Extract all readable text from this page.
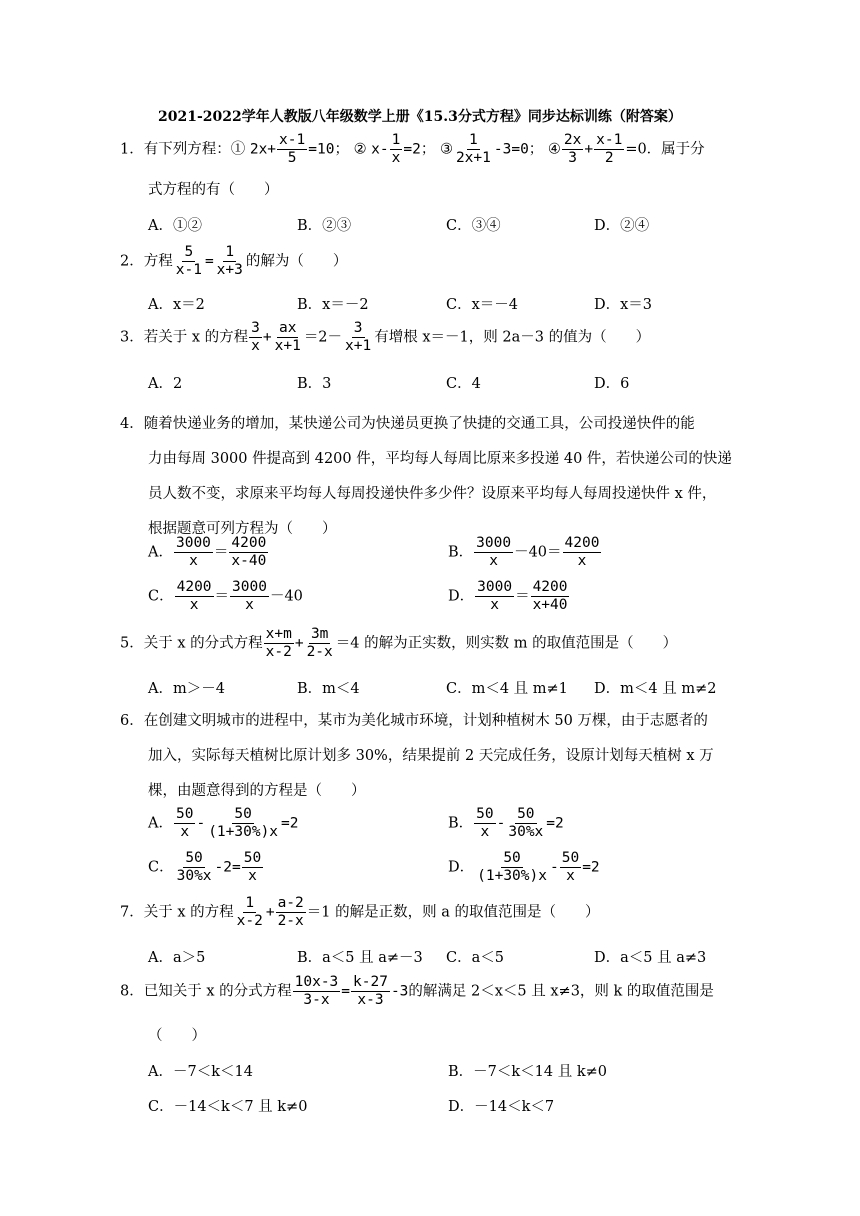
2021-2022学年人教版八年级数学上册《15.3分式方程》同步达标训练（附答案）
1．有下列方程：① $2x+ \frac{x-1}{5} =10$； ② $x- \frac{1}{x} =2$； ③ $\frac{1}{2x+1} -3=0$； ④ $\frac{2x}{3} + \frac{x-1}{2} =0$．属于分
式方程的有（　　）
A．①②	B．②③	C．③④	D．②④
2．方程 $\frac{5}{x-1} = \frac{1}{x+3}$ 的解为（　　）
A．x＝2	B．x＝－2	C．x＝－4	D．x＝3
3．若关于 x 的方程 $\frac{3}{x} + \frac{ax}{x+1} =2- \frac{3}{x+1}$ 有增根 x＝－1，则 2a－3 的值为（　　）
A．2	B．3	C．4	D．6
4．随着快递业务的增加，某快递公司为快递员更换了快捷的交通工具，公司投递快件的能
力由每周 3000 件提高到 4200 件，平均每人每周比原来多投递 40 件，若快递公司的快递
员人数不变，求原来平均每人每周投递快件多少件？设原来平均每人每周投递快件 x 件，
根据题意可列方程为（　　）
A． $\frac{3000}{x} = \frac{4200}{x-40}$	B． $\frac{3000}{x} -40= \frac{4200}{x}$
C． $\frac{4200}{x} = \frac{3000}{x} -40$	D． $\frac{3000}{x} = \frac{4200}{x+40}$
5．关于 x 的分式方程 $\frac{x+m}{x-2} + \frac{3m}{2-x} =4$ 的解为正实数，则实数 m 的取值范围是（　　）
A．m＞－4	B．m＜4	C．m＜4 且 m≠1 D．m＜4 且 m≠2
6．在创建文明城市的进程中，某市为美化城市环境，计划种植树木 50 万棵，由于志愿者的
加入，实际每天植树比原计划多 30%，结果提前 2 天完成任务，设原计划每天植树 x 万
棵，由题意得到的方程是（　　）
A． $\frac{50}{x} - \frac{50}{(1+30\%)x} =2$	B． $\frac{50}{x} - \frac{50}{30\%x} =2$
C． $\frac{50}{30\%x} -2= \frac{50}{x}$	D． $\frac{50}{(1+30\%)x} - \frac{50}{x} =2$
7．关于 x 的方程 $\frac{1}{x-2} + \frac{a-2}{2-x} =1$ 的解是正数，则 a 的取值范围是（　　）
A．a＞5	B．a＜5 且 a≠－3 C．a＜5	D．a＜5 且 a≠3
8．已知关于 x 的分式方程 $\frac{10x-3}{3-x} = \frac{k-27}{x-3} -3$的解满足 2＜x＜5 且 x≠3，则 k 的取值范围是
（　　）
A．－7＜k＜14	B．－7＜k＜14 且 k≠0
C．－14＜k＜7 且 k≠0	D．－14＜k＜7
